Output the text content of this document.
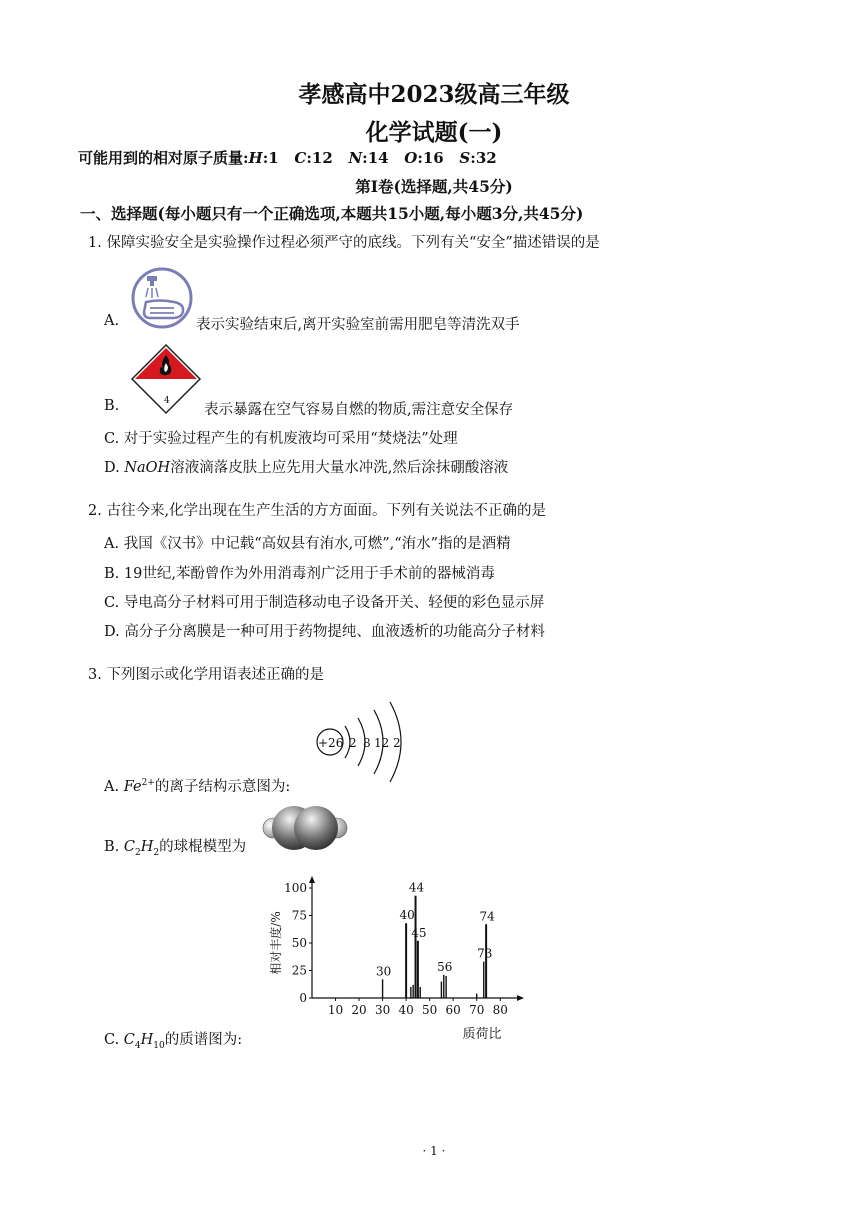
孝感高中2023级高三年级
化学试题(一)
可能用到的相对原子质量:H:1 C:12 N:14 O:16 S:32
第Ⅰ卷(选择题,共45分)
一、选择题(每小题只有一个正确选项,本题共15小题,每小题3分,共45分)
1. 保障实验安全是实验操作过程必须严守的底线。下列有关“安全”描述错误的是
A.	表示实验结束后,离开实验室前需用肥皂等清洗双手
B.	4
表示暴露在空气容易自燃的物质,需注意安全保存
C. 对于实验过程产生的有机废液均可采用“焚烧法”处理
D. NaOH溶液滴落皮肤上应先用大量水冲洗,然后涂抹硼酸溶液
2. 古往今来,化学出现在生产生活的方方面面。下列有关说法不正确的是
A. 我国《汉书》中记载“高奴县有洧水,可燃”,“洧水”指的是酒精
B. 19世纪,苯酚曾作为外用消毒剂广泛用于手术前的器械消毒
C. 导电高分子材料可用于制造移动电子设备开关、轻便的彩色显示屏
D. 高分子分离膜是一种可用于药物提纯、血液透析的功能高分子材料
3. 下列图示或化学用语表述正确的是
+26 2 8 12 2
A. $Fe^{2+}$的离子结构示意图为:
B. $C_2H_2$的球棍模型为
相对丰度/%
质荷比
10 20 30 40 50 60 70 80
0
25
50
75
100
30
40
44
45
56
73
74
C. $C_4H_{10}$的质谱图为:
· 1 ·
